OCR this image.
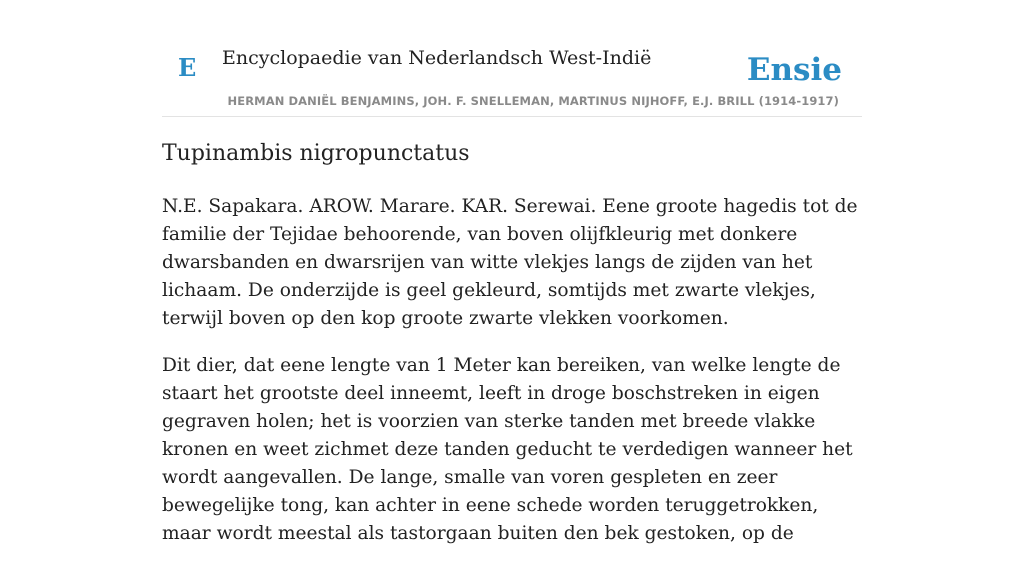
E Encyclopaedie van Nederlandsch West-Indië	Ensie
HERMAN DANIËL BENJAMINS, JOH. F. SNELLEMAN, MARTINUS NIJHOFF, E.J. BRILL (1914-1917)
Tupinambis nigropunctatus

N.E. Sapakara. AROW. Marare. KAR. Serewai. Eene groote hagedis tot de familie der Tejidae behoorende, van boven olijfkleurig met donkere dwarsbanden en dwarsrijen van witte vlekjes langs de zijden van het lichaam. De onderzijde is geel gekleurd, somtijds met zwarte vlekjes, terwijl boven op den kop groote zwarte vlekken voorkomen.

Dit dier, dat eene lengte van 1 Meter kan bereiken, van welke lengte de staart het grootste deel inneemt, leeft in droge boschstreken in eigen gegraven holen; het is voorzien van sterke tanden met breede vlakke kronen en weet zichmet deze tanden geducht te verdedigen wanneer het wordt aangevallen. De lange, smalle van voren gespleten en zeer bewegelijke tong, kan achter in eene schede worden teruggetrokken, maar wordt meestal als tastorgaan buiten den bek gestoken, op de
